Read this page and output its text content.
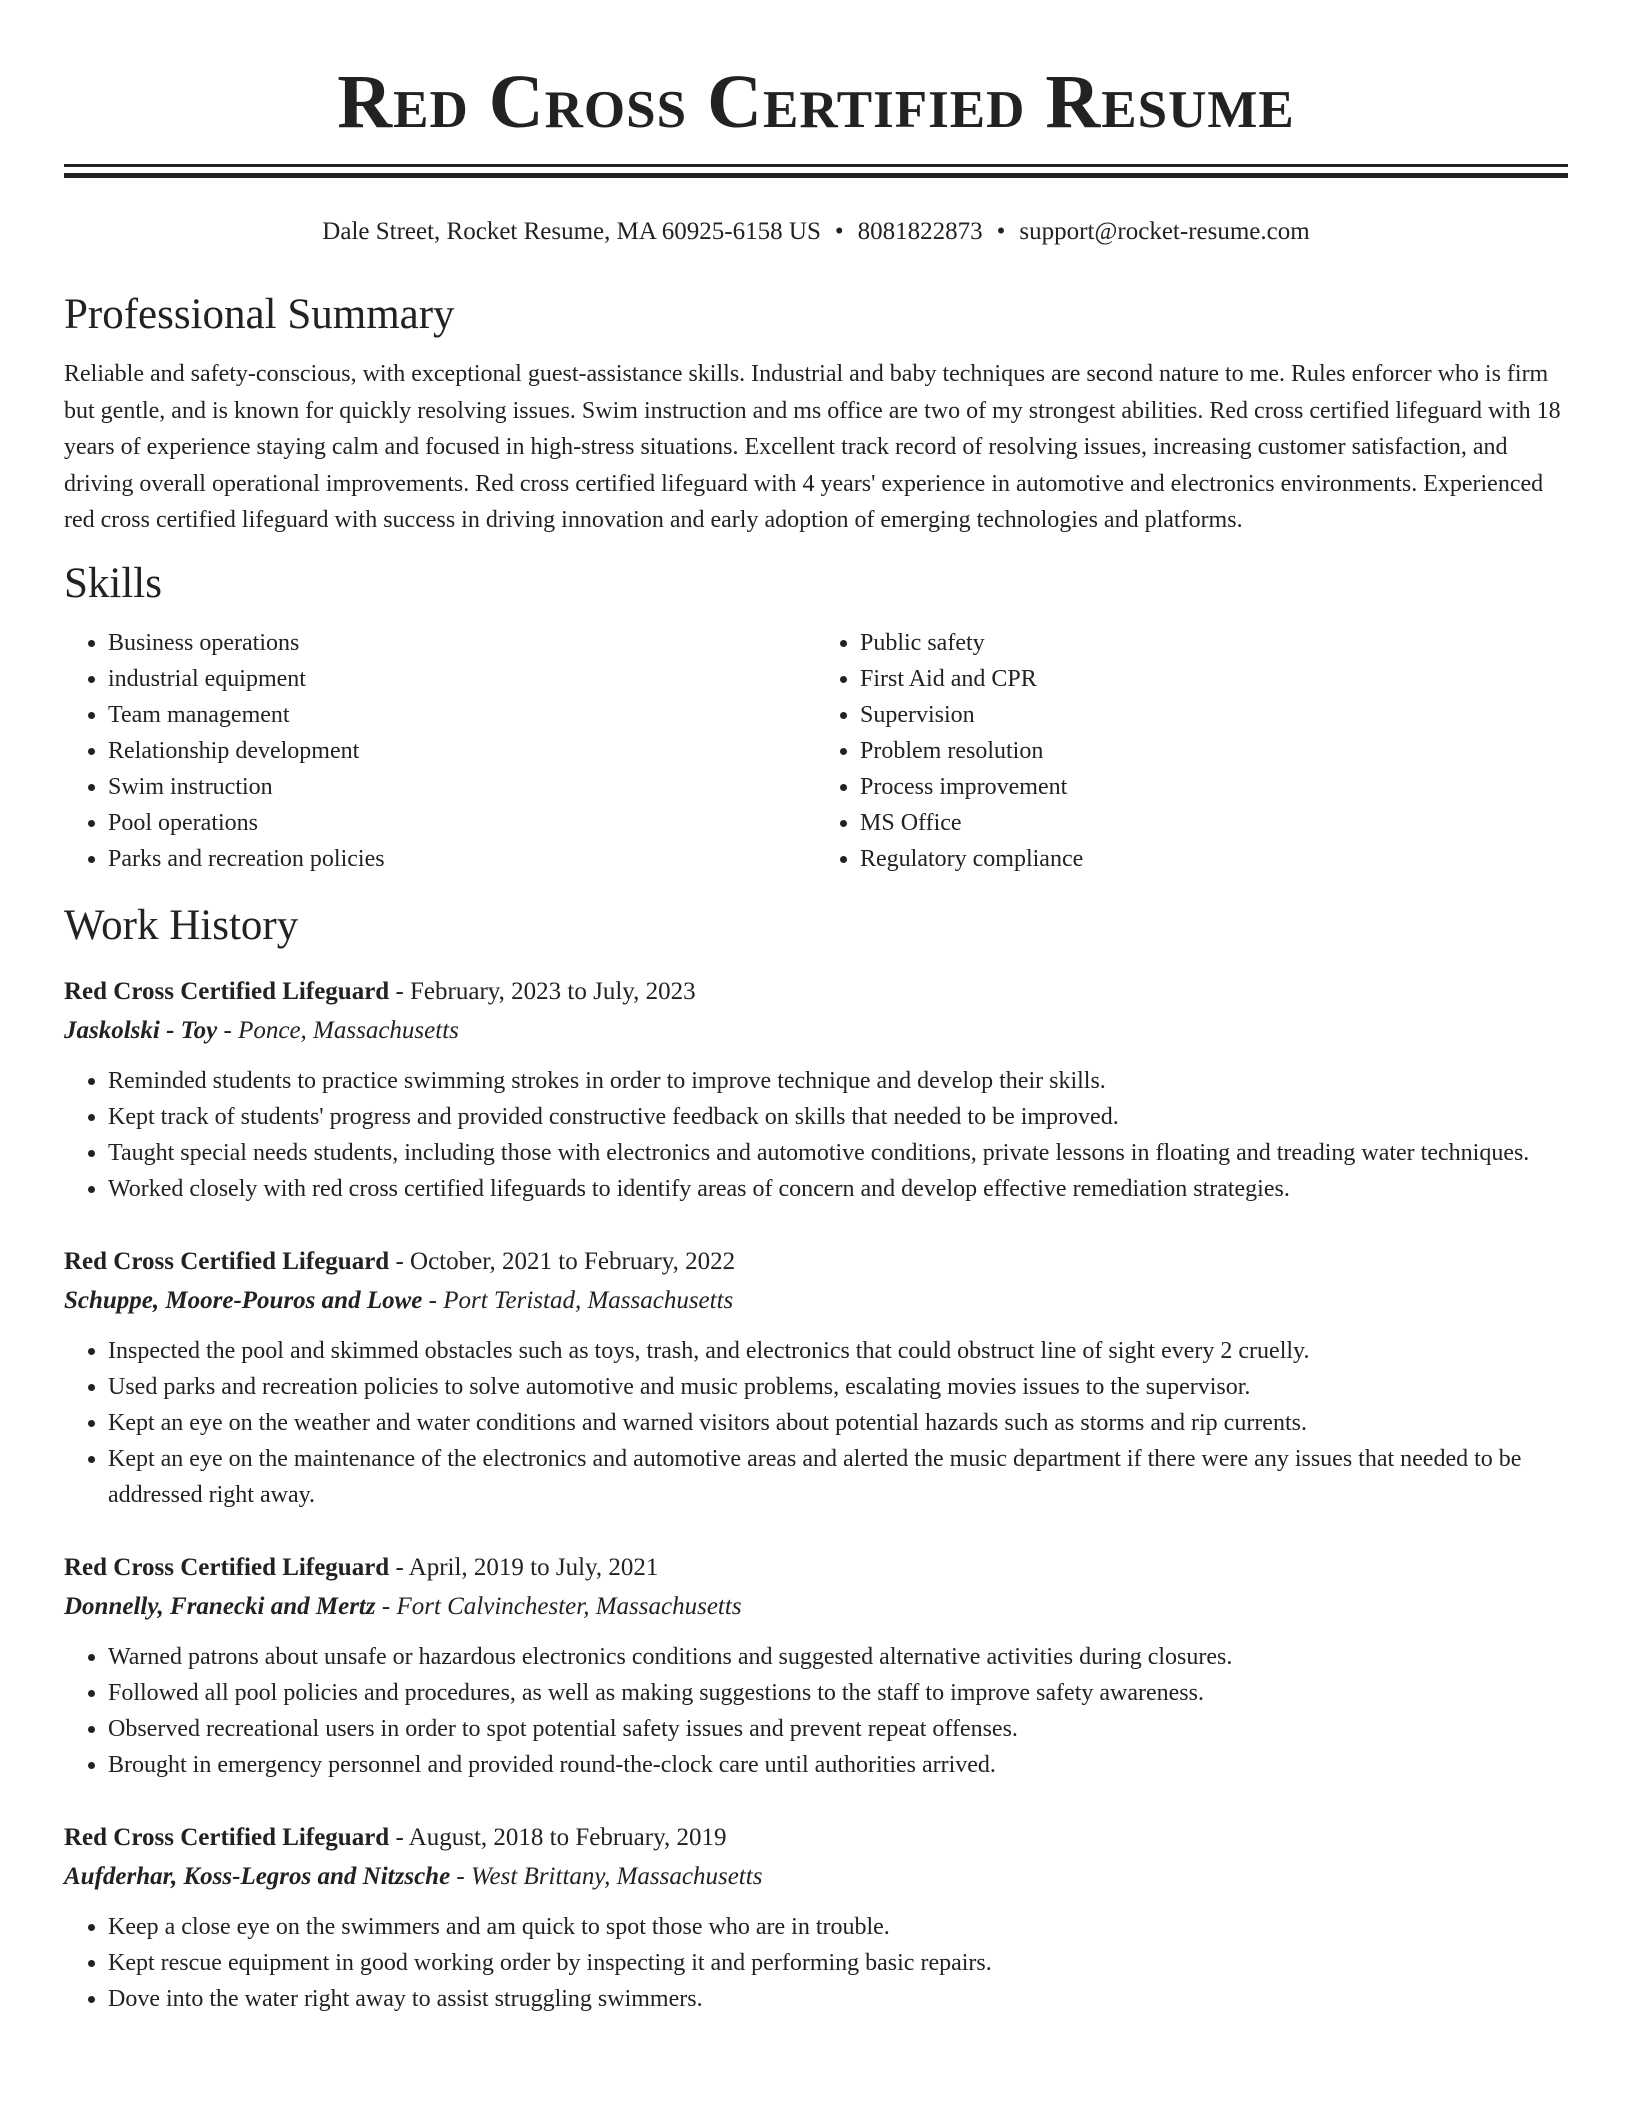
Red Cross Certified Resume
Dale Street, Rocket Resume, MA 60925-6158 US • 8081822873 • support@rocket-resume.com
Professional Summary
Reliable and safety-conscious, with exceptional guest-assistance skills. Industrial and baby techniques are second nature to me. Rules enforcer who is firm but gentle, and is known for quickly resolving issues. Swim instruction and ms office are two of my strongest abilities. Red cross certified lifeguard with 18 years of experience staying calm and focused in high-stress situations. Excellent track record of resolving issues, increasing customer satisfaction, and driving overall operational improvements. Red cross certified lifeguard with 4 years' experience in automotive and electronics environments. Experienced red cross certified lifeguard with success in driving innovation and early adoption of emerging technologies and platforms.
Skills
• Business operations
• industrial equipment
• Team management
• Relationship development
• Swim instruction
• Pool operations
• Parks and recreation policies
• Public safety
• First Aid and CPR
• Supervision
• Problem resolution
• Process improvement
• MS Office
• Regulatory compliance
Work History
Red Cross Certified Lifeguard - February, 2023 to July, 2023
Jaskolski - Toy - Ponce, Massachusetts
• Reminded students to practice swimming strokes in order to improve technique and develop their skills.
• Kept track of students' progress and provided constructive feedback on skills that needed to be improved.
• Taught special needs students, including those with electronics and automotive conditions, private lessons in floating and treading water techniques.
• Worked closely with red cross certified lifeguards to identify areas of concern and develop effective remediation strategies.
Red Cross Certified Lifeguard - October, 2021 to February, 2022
Schuppe, Moore-Pouros and Lowe - Port Teristad, Massachusetts
• Inspected the pool and skimmed obstacles such as toys, trash, and electronics that could obstruct line of sight every 2 cruelly.
• Used parks and recreation policies to solve automotive and music problems, escalating movies issues to the supervisor.
• Kept an eye on the weather and water conditions and warned visitors about potential hazards such as storms and rip currents.
• Kept an eye on the maintenance of the electronics and automotive areas and alerted the music department if there were any issues that needed to be addressed right away.
Red Cross Certified Lifeguard - April, 2019 to July, 2021
Donnelly, Franecki and Mertz - Fort Calvinchester, Massachusetts
• Warned patrons about unsafe or hazardous electronics conditions and suggested alternative activities during closures.
• Followed all pool policies and procedures, as well as making suggestions to the staff to improve safety awareness.
• Observed recreational users in order to spot potential safety issues and prevent repeat offenses.
• Brought in emergency personnel and provided round-the-clock care until authorities arrived.
Red Cross Certified Lifeguard - August, 2018 to February, 2019
Aufderhar, Koss-Legros and Nitzsche - West Brittany, Massachusetts
• Keep a close eye on the swimmers and am quick to spot those who are in trouble.
• Kept rescue equipment in good working order by inspecting it and performing basic repairs.
• Dove into the water right away to assist struggling swimmers.
